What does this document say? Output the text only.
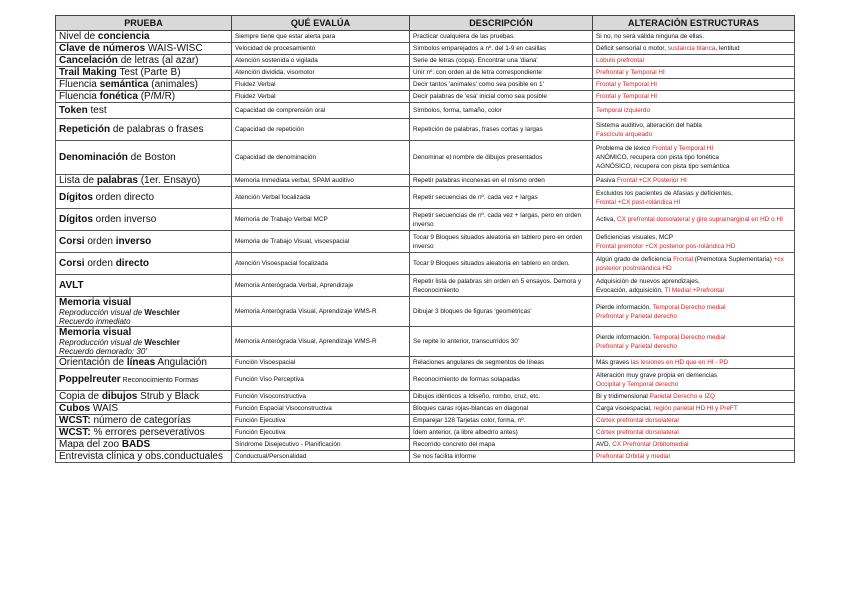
PRUEBA	QUÉ EVALÚA	DESCRIPCIÓN	ALTERACIÓN ESTRUCTURAS
Nivel de conciencia	Siempre tiene que estar alerta para	Practicar cualquiera de las pruebas.	Si no, no será válida ninguna de ellas.
Clave de números WAIS-WISC	Velocidad de procesamiento	Símbolos emparejados a nº. del 1-9 en casillas	Déficit sensorial o motor, sustancia blanca, lentitud
Cancelación de letras (al azar)	Atención sostenida o vigilada	Serie de letras (copa). Encontrar una 'diana'	Lóbulo prefrontal
Trail Making Test (Parte B)	Atención dividida, visomotor	Unir nº. con orden al de letra correspondiente	Prefrontal y Temporal HI
Fluencia semántica (animales)	Fluidez Verbal	Decir tantos 'animales' como sea posible en 1'	Frontal y Temporal HI
Fluencia fonética (P/M/R)	Fluidez Verbal	Decir palabras de 'esa' inicial como sea posible	Frontal y Temporal HI
Token test	Capacidad de comprensión oral	Símbolos, forma, tamaño, color	Temporal izquierdo
Repetición de palabras o frases	Capacidad de repetición	Repetición de palabras, frases cortas y largas	Sistema auditivo, alteración del habla
Fascículo arqueado
Denominación de Boston	Capacidad de denominación	Denominar el nombre de dibujos presentados	Problema de léxico Frontal y Temporal HI
ANÓMICO, recupera con pista tipo fonética
AGNÓSICO, recupera con pista tipo semántica
Lista de palabras (1er. Ensayo)	Memoria Inmediata verbal, SPAM auditivo	Repetir palabras inconexas en el mismo orden	Pasiva Frontal +CX Posterior HI
Dígitos orden directo	Atención Verbal focalizada	Repetir secuencias de nº. cada vez + largas	Excluidos los pacientes de Afasias y deficientes,
Frontal +CX post-rolándica HI
Dígitos orden inverso	Memoria de Trabajo Verbal MCP	Repetir secuencias de nº. cada vez + largas, pero en orden inverso	Activa, CX prefrontal dorsolateral y giro supramarginal en HD o HI
Corsi orden inverso	Memoria de Trabajo Visual, visoespacial	Tocar 9 Bloques situados aleatoria en tablero pero en orden inverso	Deficiencias visuales, MCP
Frontal premotor +CX posterior pos-rolándica HD
Corsi orden directo	Atención Visoespacial focalizada	Tocar 9 Bloques situados aleatoria en tablero en orden.	Algún grado de deficiencia Frontal (Premotora Suplementaria) +cx posterior postrolándica HD
AVLT	Memoria Anterógrada Verbal, Aprendizaje	Repetir lista de palabras sin orden en 5 ensayos. Demora y Reconocimiento	Adquisición de nuevos aprendizajes,
Evocación, adquisición, TI Medial +Prefrontal
Memoria visual
Reproducción visual de Weschler
Recuerdo inmediato	Memoria Anterógrada Visual, Aprendizaje WMS-R	Dibujar 3 bloques de figuras 'geométricas'	Pierde información. Temporal Derecho medial
Prefrontal y Parietal derecho
Memoria visual
Reproducción visual de Weschler
Recuerdo demorado: 30'	Memoria Anterógrada Visual, Aprendizaje WMS-R	Se repite lo anterior, transcurridos 30'	Pierde información. Temporal Derecho medial
Prefrontal y Parietal derecho
Orientación de líneas Angulación	Función Visoespacial	Relaciones angulares de segmentos de líneas	Más graves las lesiones en HD que en HI - PD
Poppelreuter Reconocimiento Formas	Función Viso Perceptiva	Reconocimiento de formas solapadas	Alteración muy grave propia en demencias
Occipital y Temporal derecho
Copia de dibujos Strub y Black	Función Visoconstructiva	Dibujos idénticos a Idiseño, rombo, cruz, etc.	Bi y tridimensional Parietal Derecho e IZQ
Cubos WAIS	Función Espacial Visoconstructiva	Bloques caras rojas-blancas en diagonal	Carga visoespacial, región parietal HD HI y PreFT
WCST: número de categorías	Función Ejecutiva	Emparejar 128 Tarjetas color, forma, nº.	Córtex prefrontal dorsolateral
WCST: % errores perseverativos	Función Ejecutiva	Ídem anterior, (a libre albedrío antes)	Córtex prefrontal dorsolateral
Mapa del zoo BADS	Síndrome Disejecutivo - Planificación	Recorrido concreto del mapa	AVD, CX Prefrontal Orbitomedial
Entrevista clínica y obs.conductuales	Conductual/Personalidad	Se nos facilita informe	Prefrontal Orbital y medial
